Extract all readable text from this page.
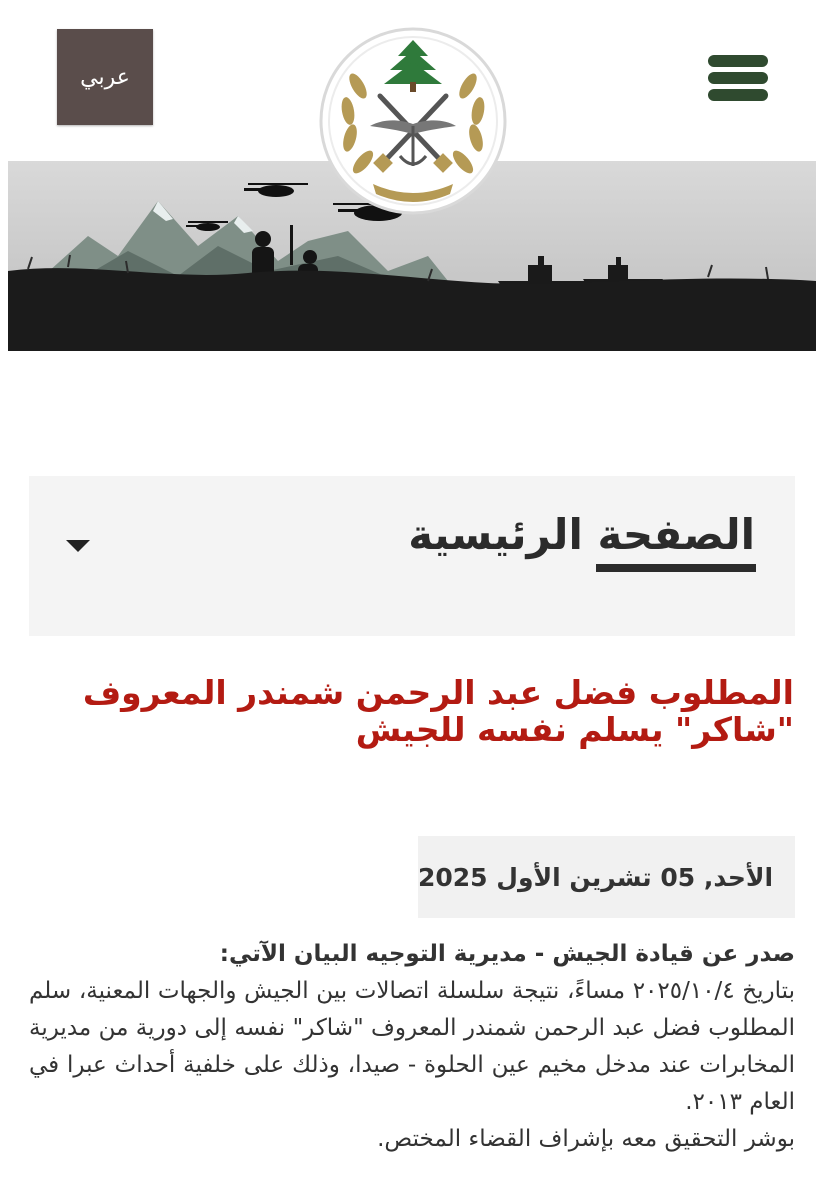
عربي
الصفحة الرئيسية
المطلوب فضل عبد الرحمن شمندر المعروف "شاكر" يسلم نفسه للجيش
الأحد, 05 تشرين الأول 2025

صدر عن قيادة الجيش - مديرية التوجيه البيان الآتي:

بتاريخ ٢٠٢٥/١٠/٤ مساءً، نتيجة سلسلة اتصالات بين الجيش والجهات المعنية، سلم المطلوب فضل عبد الرحمن شمندر المعروف "شاكر" نفسه إلى دورية من مديرية المخابرات عند مدخل مخيم عين الحلوة - صيدا، وذلك على خلفية أحداث عبرا في العام ٢٠١٣.

بوشر التحقيق معه بإشراف القضاء المختص.
